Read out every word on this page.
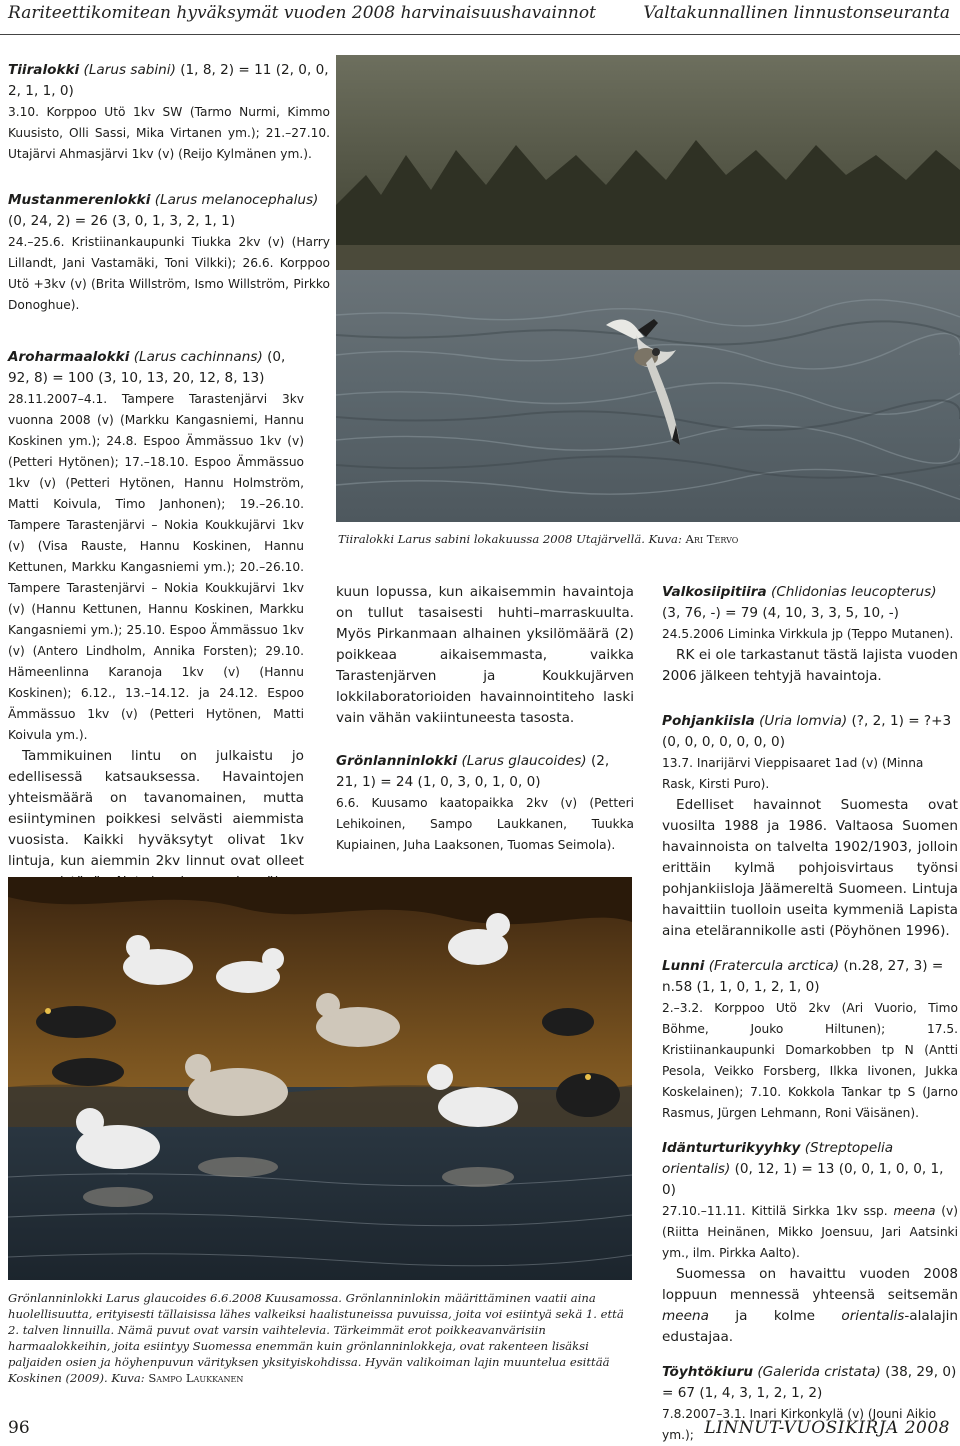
Rariteettikomitean hyväksymät vuoden 2008 harvinaisuushavainnot	Valtakunnallinen linnustonseuranta

Tiiralokki (Larus sabini) (1, 8, 2) = 11 (2, 0, 0, 2, 1, 1, 0)

3.10. Korppoo Utö 1kv SW (Tarmo Nurmi, Kimmo Kuusisto, Olli Sassi, Mika Virtanen ym.); 21.–27.10. Utajärvi Ahmasjärvi 1kv (v) (Reijo Kylmänen ym.).

Mustanmerenlokki (Larus melanocephalus) (0, 24, 2) = 26 (3, 0, 1, 3, 2, 1, 1)

24.–25.6. Kristiinankaupunki Tiukka 2kv (v) (Harry Lillandt, Jani Vastamäki, Toni Vilkki); 26.6. Korppoo Utö +3kv (v) (Brita Willström, Ismo Willström, Pirkko Donoghue).

Aroharmaalokki (Larus cachinnans) (0, 92, 8) = 100 (3, 10, 13, 20, 12, 8, 13)

28.11.2007–4.1. Tampere Tarastenjärvi 3kv vuonna 2008 (v) (Markku Kangasniemi, Hannu Koskinen ym.); 24.8. Espoo Ämmässuo 1kv (v) (Petteri Hytönen); 17.–18.10. Espoo Ämmässuo 1kv (v) (Petteri Hytönen, Hannu Holmström, Matti Koivula, Timo Janhonen); 19.–26.10. Tampere Tarastenjärvi – Nokia Koukkujärvi 1kv (v) (Visa Rauste, Hannu Koskinen, Hannu Kettunen, Markku Kangasniemi ym.); 20.–26.10. Tampere Tarastenjärvi – Nokia Koukkujärvi 1kv (v) (Hannu Kettunen, Hannu Koskinen, Markku Kangasniemi ym.); 25.10. Espoo Ämmässuo 1kv (v) (Antero Lindholm, Annika Forsten); 29.10. Hämeenlinna Karanoja 1kv (v) (Hannu Koskinen); 6.12., 13.–14.12. ja 24.12. Espoo Ämmässuo 1kv (v) (Petteri Hytönen, Matti Koivula ym.).

Tammikuinen lintu on julkaistu jo edellisessä katsauksessa. Havaintojen yhteismäärä on tavanomainen, mutta esiintyminen poikkesi selvästi aiemmista vuosista. Kaikki hyväksytyt olivat 1kv lintuja, kun aiemmin 2kv linnut ovat olleet

Tiiralokki Larus sabini lokakuussa 2008 Utajärvellä. Kuva: Ari Tervo

kuun lopussa, kun aikaisemmin havaintoja on tullut tasaisesti huhti–marraskuulta. Myös Pirkanmaan alhainen yksilömäärä (2) poikkeaa aikaisemmasta, vaikka Tarastenjärven ja Koukkujärven lokkilaboratorioiden havainnointiteho laski vain vähän vakiintuneesta tasosta.

Grönlanninlokki (Larus glaucoides) (2, 21, 1) = 24 (1, 0, 3, 0, 1, 0, 0)

6.6. Kuusamo kaatopaikka 2kv (v) (Petteri Lehikoinen, Sampo Laukkanen, Tuukka Kupiainen, Juha Laaksonen, Tuomas Seimola).

Valkosiipitiira (Chlidonias leucopterus) (3, 76, -) = 79 (4, 10, 3, 3, 5, 10, -)

24.5.2006 Liminka Virkkula jp (Teppo Mutanen).

RK ei ole tarkastanut tästä lajista vuoden 2006 jälkeen tehtyjä havaintoja.

Pohjankiisla (Uria lomvia) (?, 2, 1) = ?+3 (0, 0, 0, 0, 0, 0, 0)

13.7. Inarijärvi Vieppisaaret 1ad (v) (Minna Rask, Kirsti Puro).

Edelliset havainnot Suomesta ovat vuosilta 1988 ja 1986. Valtaosa Suomen havainnoista on talvelta 1902/1903, jolloin erittäin kylmä pohjoisvirtaus työnsi pohjankiisloja Jäämereltä Suomeen. Lintuja havaittiin tuolloin useita kymmeniä Lapista aina etelärannikolle asti (Pöyhönen 1996).

Lunni (Fratercula arctica) (n.28, 27, 3) = n.58 (1, 1, 0, 1, 2, 1, 0)

2.–3.2. Korppoo Utö 2kv (Ari Vuorio, Timo Böhme, Jouko Hiltunen); 17.5. Kristiinankaupunki Domarkobben tp N (Antti Pesola, Veikko Forsberg, Ilkka Iivonen, Jukka Koskelainen); 7.10. Kokkola Tankar tp S (Jarno Rasmus, Jürgen Lehmann, Roni Väisänen).

Idänturturikyyhky (Streptopelia orientalis) (0, 12, 1) = 13 (0, 0, 1, 0, 0, 1, 0)

27.10.–11.11. Kittilä Sirkka 1kv ssp. meena (v) (Riitta Heinänen, Mikko Joensuu, Jari Aatsinki ym., ilm. Pirkka Aalto).

Suomessa on havaittu vuoden 2008 loppuun mennessä yhteensä seitsemän meena ja kolme orientalis-alalajin edustajaa.

Töyhtökiuru (Galerida cristata) (38, 29, 0) = 67 (1, 4, 3, 1, 2, 1, 2)

7.8.2007–3.1. Inari Kirkonkylä (v) (Jouni Aikio ym.);

Grönlanninlokki Larus glaucoides 6.6.2008 Kuusamossa. Grönlanninlokin määrittäminen vaatii aina huolellisuutta, erityisesti tällaisissa lähes valkeiksi haalistuneissa puvuissa, joita voi esiintyä sekä 1. että 2. talven linnuilla. Nämä puvut ovat varsin vaihtelevia. Tärkeimmät erot poikkeavanvärisiin harmaalokkeihin, joita esiintyy Suomessa enemmän kuin grönlanninlokkeja, ovat rakenteen lisäksi paljaiden osien ja höyhenpuvun värityksen yksityiskohdissa. Hyvän valikoiman lajin muuntelua esittää Koskinen (2009). Kuva: Sampo Laukkanen
96	LINNUT-VUOSIKIRJA 2008
